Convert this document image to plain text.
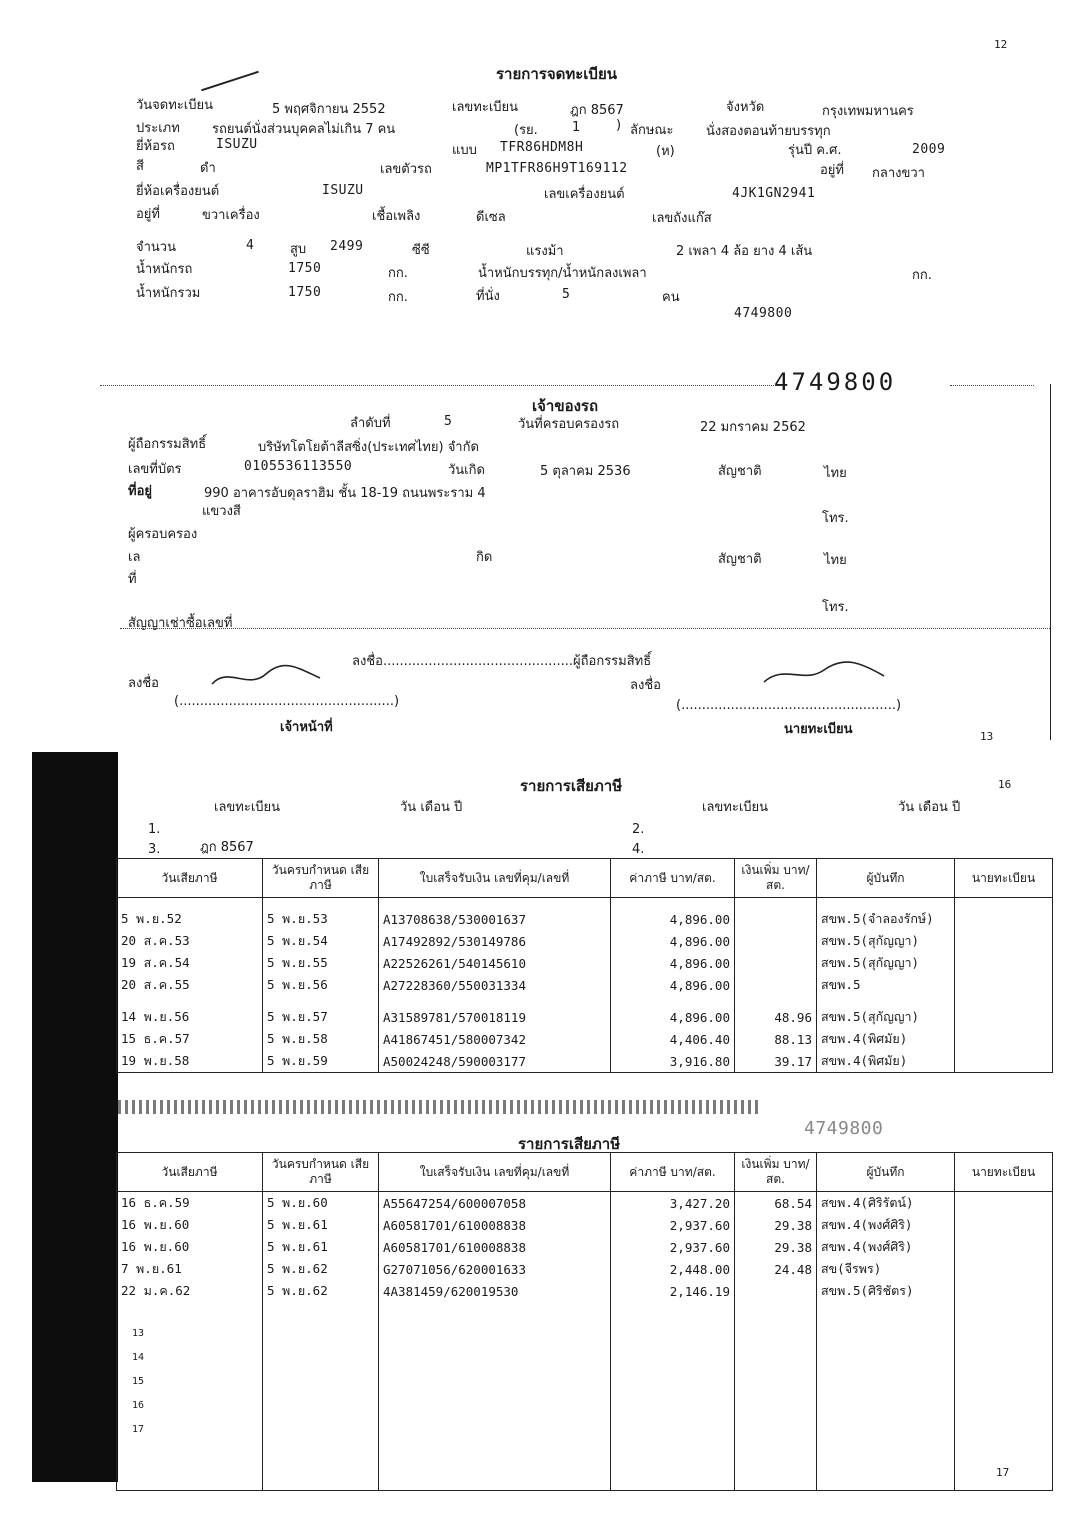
12
รายการจดทะเบียน
วันจดทะเบียน	5 พฤศจิกายน 2552	เลขทะเบียน	ฎก 8567	จังหวัด	กรุงเทพมหานคร
ประเภท รถยนต์นั่งส่วนบุคคลไม่เกิน 7 คน	(รย.	1	) ลักษณะ	นั่งสองตอนท้ายบรรทุก
ยี่ห้อรถ	ISUZU	แบบ TFR86HDM8H	(ห)	รุ่นปี ค.ศ.	2009
สี	ดำ	เลขตัวรถ	MP1TFR86H9T169112	อยู่ที่ กลางขวา
ยี่ห้อเครื่องยนต์	ISUZU	เลขเครื่องยนต์	4JK1GN2941
อยู่ที่	ขวาเครื่อง	เชื้อเพลิง	ดีเซล	เลขถังแก๊ส
จำนวน	4	สูบ 2499	ซีซี	แรงม้า	2 เพลา 4 ล้อ ยาง 4 เส้น
น้ำหนักรถ	1750	กก.	น้ำหนักบรรทุก/น้ำหนักลงเพลา	กก.
น้ำหนักรวม	1750	กก.	ที่นั่ง	5	คน
4749800
4749800
เจ้าของรถ
ลำดับที่	5	วันที่ครอบครองรถ	22 มกราคม 2562
ผู้ถือกรรมสิทธิ์	บริษัทโตโยต้าลีสซิ่ง(ประเทศไทย) จำกัด
เลขที่บัตร	0105536113550	วันเกิด	5 ตุลาคม 2536	สัญชาติ	ไทย
ที่อยู่	990 อาคารอับดุลราฮิม ชั้น 18-19 ถนนพระราม 4
แขวงสี	โทร.
ผู้ครอบครอง
เล	กิด	สัญชาติ	ไทย
ที่
โทร.
สัญญาเช่าซื้อเลขที่
ลงชื่อ..............................................ผู้ถือกรรมสิทธิ์
ลงชื่อ
(....................................................)
เจ้าหน้าที่
ลงชื่อ
(....................................................)
นายทะเบียน	13
รายการเสียภาษี	16
เลขทะเบียน	วัน เดือน ปี	เลขทะเบียน	วัน เดือน ปี
1.	2.
3.	ฎก 8567	4.
วันเสียภาษี	วันครบกำหนด เสียภาษี	ใบเสร็จรับเงิน เลขที่คุม/เลขที่	ค่าภาษี บาท/สต.	เงินเพิ่ม บาท/สต.	ผู้บันทึก	นายทะเบียน

5 พ.ย.52	5 พ.ย.53	A13708638/530001637	4,896.00		สขพ.5(จำลองรักษ์)	
20 ส.ค.53	5 พ.ย.54	A17492892/530149786	4,896.00		สขพ.5(สุกัญญา)	
19 ส.ค.54	5 พ.ย.55	A22526261/540145610	4,896.00		สขพ.5(สุกัญญา)	
20 ส.ค.55	5 พ.ย.56	A27228360/550031334	4,896.00		สขพ.5	

14 พ.ย.56	5 พ.ย.57	A31589781/570018119	4,896.00	48.96	สขพ.5(สุกัญญา)	
15 ธ.ค.57	5 พ.ย.58	A41867451/580007342	4,406.40	88.13	สขพ.4(พิศมัย)	
19 พ.ย.58	5 พ.ย.59	A50024248/590003177	3,916.80	39.17	สขพ.4(พิศมัย)	
4749800
รายการเสียภาษี
วันเสียภาษี	วันครบกำหนด เสียภาษี	ใบเสร็จรับเงิน เลขที่คุม/เลขที่	ค่าภาษี บาท/สต.	เงินเพิ่ม บาท/สต.	ผู้บันทึก	นายทะเบียน
16 ธ.ค.59	5 พ.ย.60	A55647254/600007058	3,427.20	68.54	สขพ.4(ศิริรัตน์)	
16 พ.ย.60	5 พ.ย.61	A60581701/610008838	2,937.60	29.38	สขพ.4(พงศ์ศิริ)	
16 พ.ย.60	5 พ.ย.61	A60581701/610008838	2,937.60	29.38	สขพ.4(พงศ์ศิริ)	
7 พ.ย.61	5 พ.ย.62	G27071056/620001633	2,448.00	24.48	สข(จีรพร)	
22 ม.ค.62	5 พ.ย.62	4A381459/620019530	2,146.19		สขพ.5(ศิริชัตร)	

13
14
15
16
17
17
